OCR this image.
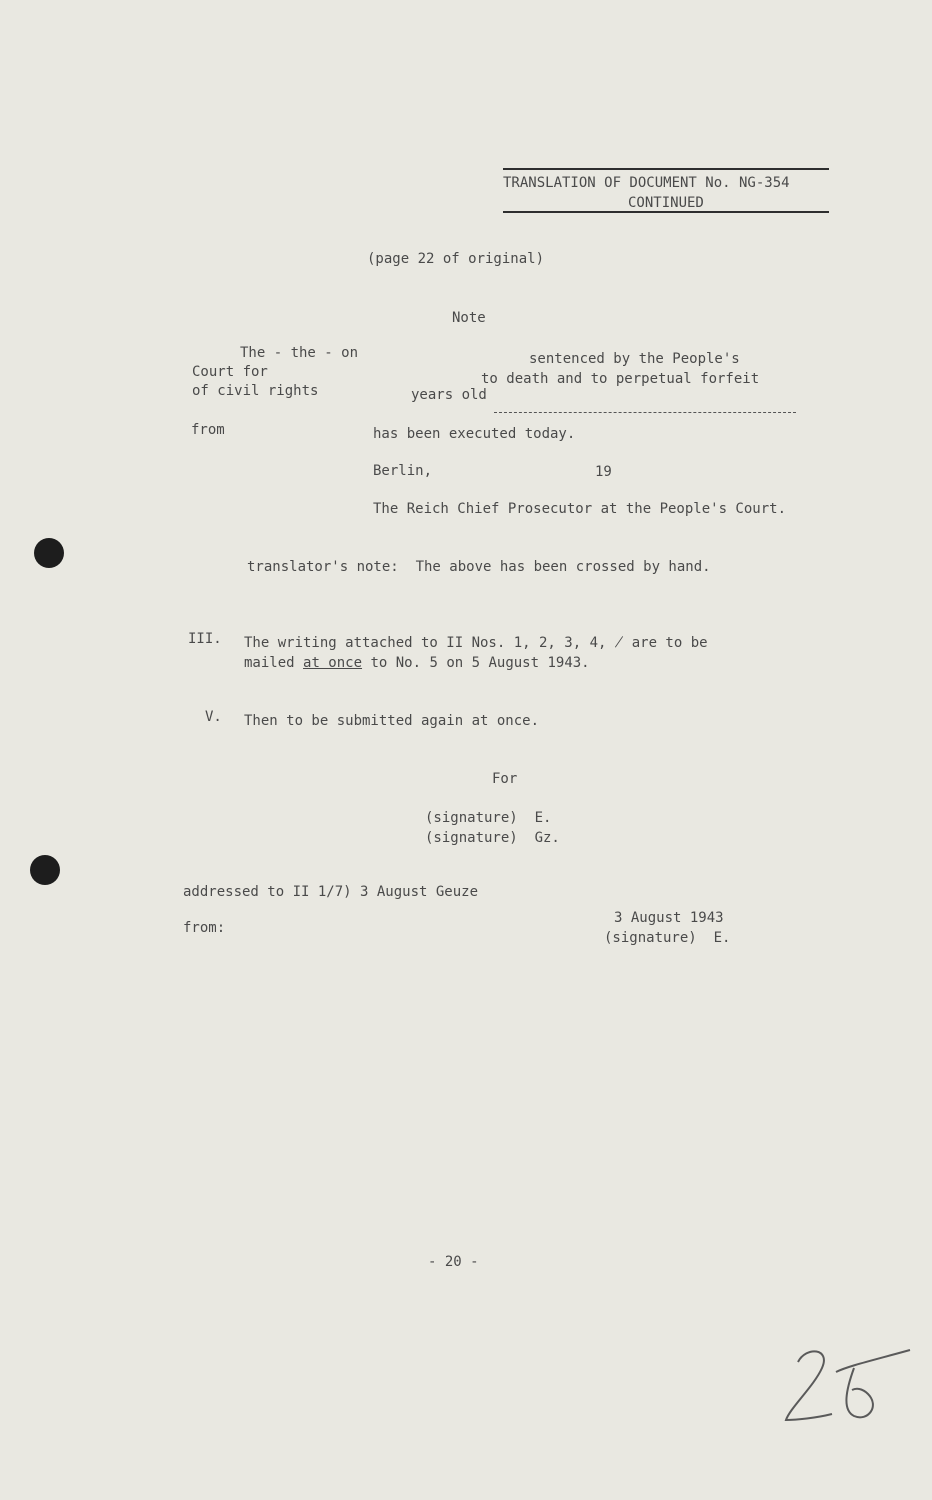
TRANSLATION OF DOCUMENT No. NG-354
CONTINUED
(page 22 of original)
Note
The - the - on	sentenced by the People's
Court for	to death and to perpetual forfeit
of civil rights	years old
from	has been executed today.
Berlin,	19
The Reich Chief Prosecutor at the People's Court.
translator's note:  The above has been crossed by hand.
III. The writing attached to II Nos. 1, 2, 3, 4, ̸ are to be
mailed at once to No. 5 on 5 August 1943.
V. Then to be submitted again at once.
For
(signature)  E.
(signature)  Gz.
addressed to II 1/7) 3 August Geuze
from:
3 August 1943
(signature)  E.
- 20 -
